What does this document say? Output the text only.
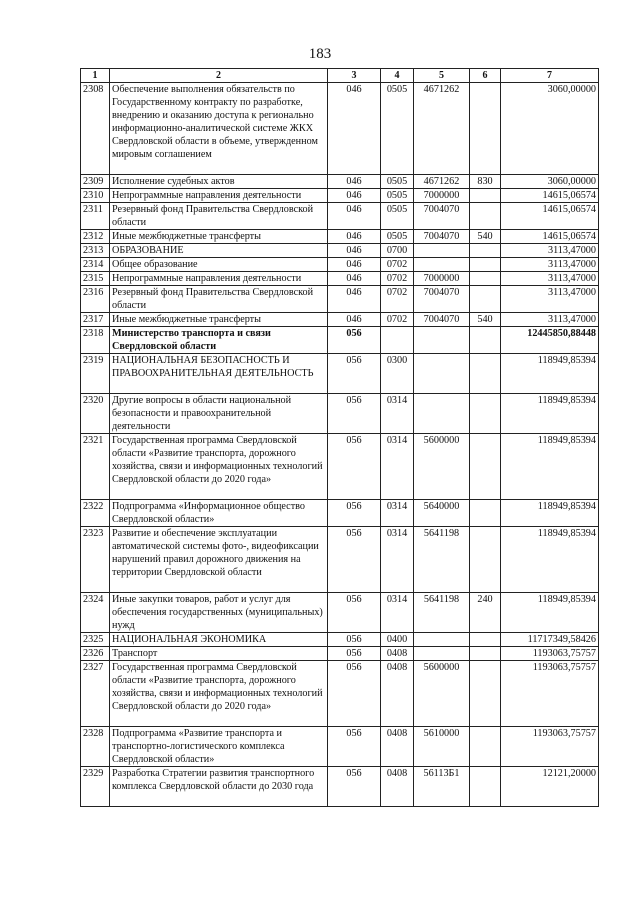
183
1	2	3	4	5	6	7
2308	Обеспечение выполнения обязательств по Государственному контракту по разработке, внедрению и оказанию доступа к регионально информационно-аналитической системе ЖКХ Свердловской области в объеме, утвержденном мировым соглашением	046	0505	4671262		3060,00000
2309	Исполнение судебных актов	046	0505	4671262	830	3060,00000
2310	Непрограммные направления деятельности	046	0505	7000000		14615,06574
2311	Резервный фонд Правительства Свердловской области	046	0505	7004070		14615,06574
2312	Иные межбюджетные трансферты	046	0505	7004070	540	14615,06574
2313	ОБРАЗОВАНИЕ	046	0700			3113,47000
2314	Общее образование	046	0702			3113,47000
2315	Непрограммные направления деятельности	046	0702	7000000		3113,47000
2316	Резервный фонд Правительства Свердловской области	046	0702	7004070		3113,47000
2317	Иные межбюджетные трансферты	046	0702	7004070	540	3113,47000
2318	Министерство транспорта и связи Свердловской области	056				12445850,88448
2319	НАЦИОНАЛЬНАЯ БЕЗОПАСНОСТЬ И ПРАВООХРАНИТЕЛЬНАЯ ДЕЯТЕЛЬНОСТЬ	056	0300			118949,85394
2320	Другие вопросы в области национальной безопасности и правоохранительной деятельности	056	0314			118949,85394
2321	Государственная программа Свердловской области «Развитие транспорта, дорожного хозяйства, связи и информационных технологий Свердловской области до 2020 года»	056	0314	5600000		118949,85394
2322	Подпрограмма «Информационное общество Свердловской области»	056	0314	5640000		118949,85394
2323	Развитие и обеспечение эксплуатации автоматической системы фото-, видеофиксации нарушений правил дорожного движения на территории Свердловской области	056	0314	5641198		118949,85394
2324	Иные закупки товаров, работ и услуг для обеспечения государственных (муниципальных) нужд	056	0314	5641198	240	118949,85394
2325	НАЦИОНАЛЬНАЯ ЭКОНОМИКА	056	0400			11717349,58426
2326	Транспорт	056	0408			1193063,75757
2327	Государственная программа Свердловской области «Развитие транспорта, дорожного хозяйства, связи и информационных технологий Свердловской области до 2020 года»	056	0408	5600000		1193063,75757
2328	Подпрограмма «Развитие транспорта и транспортно-логистического комплекса Свердловской области»	056	0408	5610000		1193063,75757
2329	Разработка Стратегии развития транспортного комплекса Свердловской области до 2030 года	056	0408	56113Б1		12121,20000
